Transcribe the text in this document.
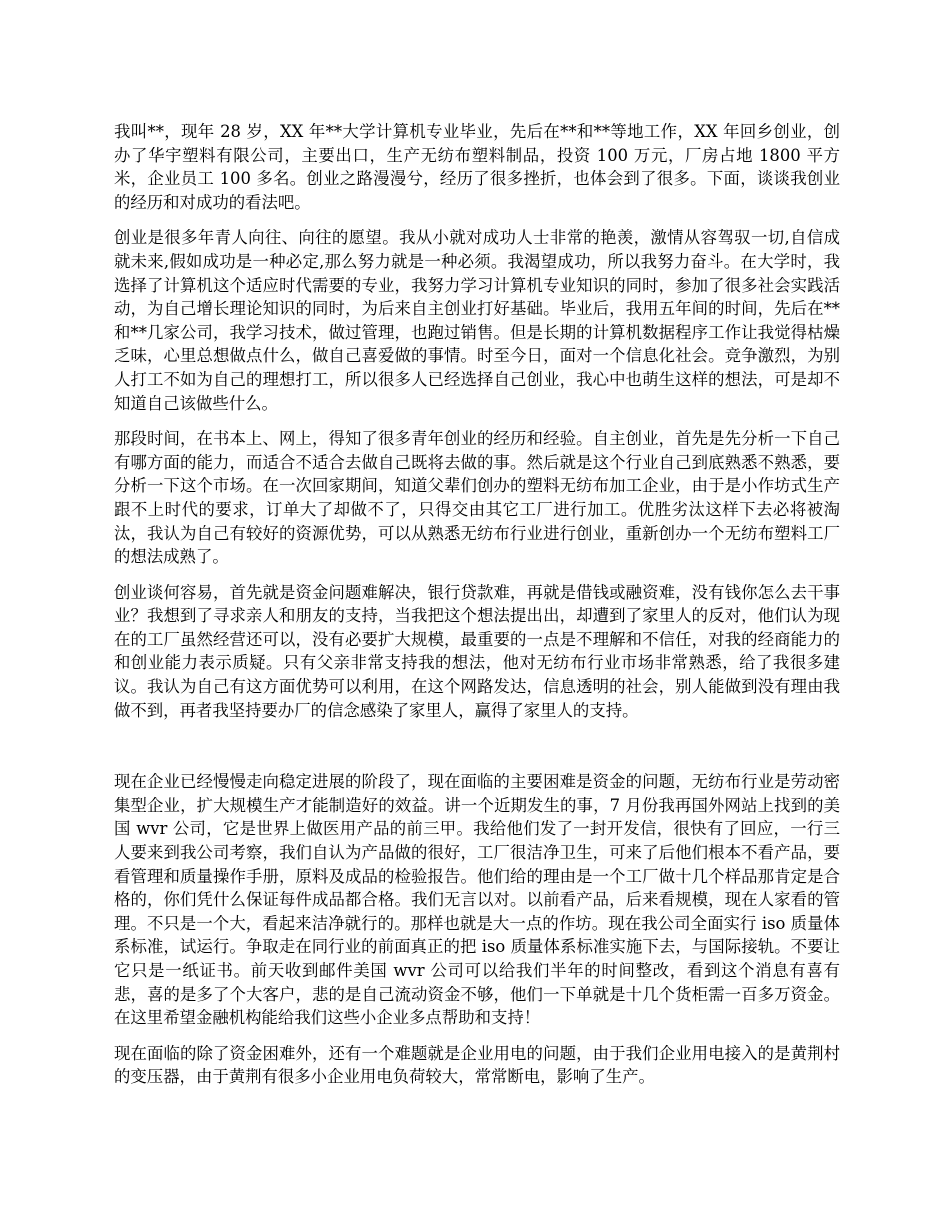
我叫**，现年 28 岁，XX 年**大学计算机专业毕业，先后在**和**等地工作，XX 年回乡创业，创办了华宇塑料有限公司，主要出口，生产无纺布塑料制品，投资 100 万元，厂房占地 1800 平方米，企业员工 100 多名。创业之路漫漫兮，经历了很多挫折，也体会到了很多。下面，谈谈我创业的经历和对成功的看法吧。

创业是很多年青人向往、向往的愿望。我从小就对成功人士非常的艳羡，激情从容驾驭一切,自信成就未来,假如成功是一种必定,那么努力就是一种必须。我渴望成功，所以我努力奋斗。在大学时，我选择了计算机这个适应时代需要的专业，我努力学习计算机专业知识的同时，参加了很多社会实践活动，为自己增长理论知识的同时，为后来自主创业打好基础。毕业后，我用五年间的时间，先后在**和**几家公司，我学习技术，做过管理，也跑过销售。但是长期的计算机数据程序工作让我觉得枯燥乏味，心里总想做点什么，做自己喜爱做的事情。时至今日，面对一个信息化社会。竞争激烈，为别人打工不如为自己的理想打工，所以很多人已经选择自己创业，我心中也萌生这样的想法，可是却不知道自己该做些什么。

那段时间，在书本上、网上，得知了很多青年创业的经历和经验。自主创业，首先是先分析一下自己有哪方面的能力，而适合不适合去做自己既将去做的事。然后就是这个行业自己到底熟悉不熟悉，要分析一下这个市场。在一次回家期间，知道父辈们创办的塑料无纺布加工企业，由于是小作坊式生产跟不上时代的要求，订单大了却做不了，只得交由其它工厂进行加工。优胜劣汰这样下去必将被淘汰，我认为自己有较好的资源优势，可以从熟悉无纺布行业进行创业，重新创办一个无纺布塑料工厂的想法成熟了。

创业谈何容易，首先就是资金问题难解决，银行贷款难，再就是借钱或融资难，没有钱你怎么去干事业？我想到了寻求亲人和朋友的支持，当我把这个想法提出出，却遭到了家里人的反对，他们认为现在的工厂虽然经营还可以，没有必要扩大规模，最重要的一点是不理解和不信任，对我的经商能力的和创业能力表示质疑。只有父亲非常支持我的想法，他对无纺布行业市场非常熟悉，给了我很多建议。我认为自己有这方面优势可以利用，在这个网路发达，信息透明的社会，别人能做到没有理由我做不到，再者我坚持要办厂的信念感染了家里人，赢得了家里人的支持。

现在企业已经慢慢走向稳定进展的阶段了，现在面临的主要困难是资金的问题，无纺布行业是劳动密集型企业，扩大规模生产才能制造好的效益。讲一个近期发生的事，7 月份我再国外网站上找到的美国 wvr 公司，它是世界上做医用产品的前三甲。我给他们发了一封开发信，很快有了回应，一行三人要来到我公司考察，我们自认为产品做的很好，工厂很洁净卫生，可来了后他们根本不看产品，要看管理和质量操作手册，原料及成品的检验报告。他们给的理由是一个工厂做十几个样品那肯定是合格的，你们凭什么保证每件成品都合格。我们无言以对。以前看产品，后来看规模，现在人家看的管理。不只是一个大，看起来洁净就行的。那样也就是大一点的作坊。现在我公司全面实行 iso 质量体系标准，试运行。争取走在同行业的前面真正的把 iso 质量体系标准实施下去，与国际接轨。不要让它只是一纸证书。前天收到邮件美国 wvr 公司可以给我们半年的时间整改，看到这个消息有喜有悲，喜的是多了个大客户，悲的是自己流动资金不够，他们一下单就是十几个货柜需一百多万资金。在这里希望金融机构能给我们这些小企业多点帮助和支持！

现在面临的除了资金困难外，还有一个难题就是企业用电的问题，由于我们企业用电接入的是黄荆村的变压器，由于黄荆有很多小企业用电负荷较大，常常断电，影响了生产。
